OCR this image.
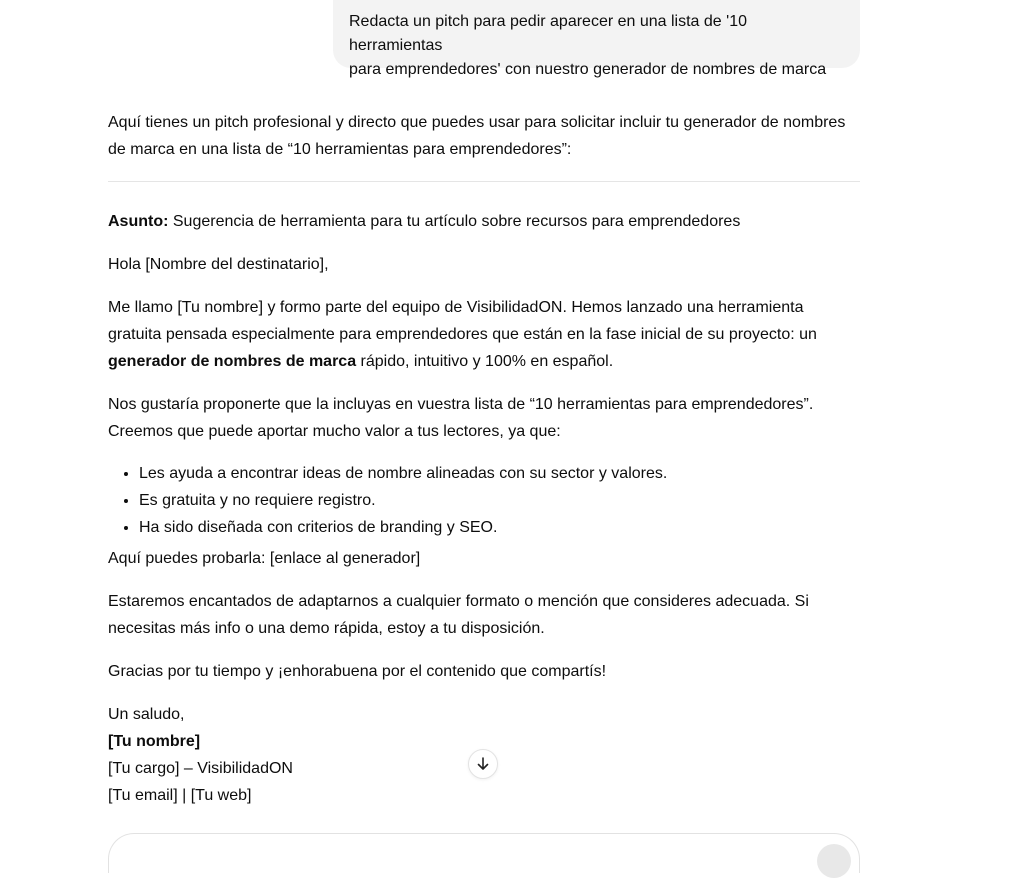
Redacta un pitch para pedir aparecer en una lista de '10 herramientas
para emprendedores' con nuestro generador de nombres de marca

Aquí tienes un pitch profesional y directo que puedes usar para solicitar incluir tu generador de nombres de marca en una lista de “10 herramientas para emprendedores”:

Asunto: Sugerencia de herramienta para tu artículo sobre recursos para emprendedores

Hola [Nombre del destinatario],

Me llamo [Tu nombre] y formo parte del equipo de VisibilidadON. Hemos lanzado una herramienta gratuita pensada especialmente para emprendedores que están en la fase inicial de su proyecto: un generador de nombres de marca rápido, intuitivo y 100% en español.

Nos gustaría proponerte que la incluyas en vuestra lista de “10 herramientas para emprendedores”. Creemos que puede aportar mucho valor a tus lectores, ya que:

• Les ayuda a encontrar ideas de nombre alineadas con su sector y valores.
• Es gratuita y no requiere registro.
• Ha sido diseñada con criterios de branding y SEO.

Aquí puedes probarla: [enlace al generador]

Estaremos encantados de adaptarnos a cualquier formato o mención que consideres adecuada. Si necesitas más info o una demo rápida, estoy a tu disposición.

Gracias por tu tiempo y ¡enhorabuena por el contenido que compartís!

Un saludo,
[Tu nombre]
[Tu cargo] – VisibilidadON
[Tu email] | [Tu web]
